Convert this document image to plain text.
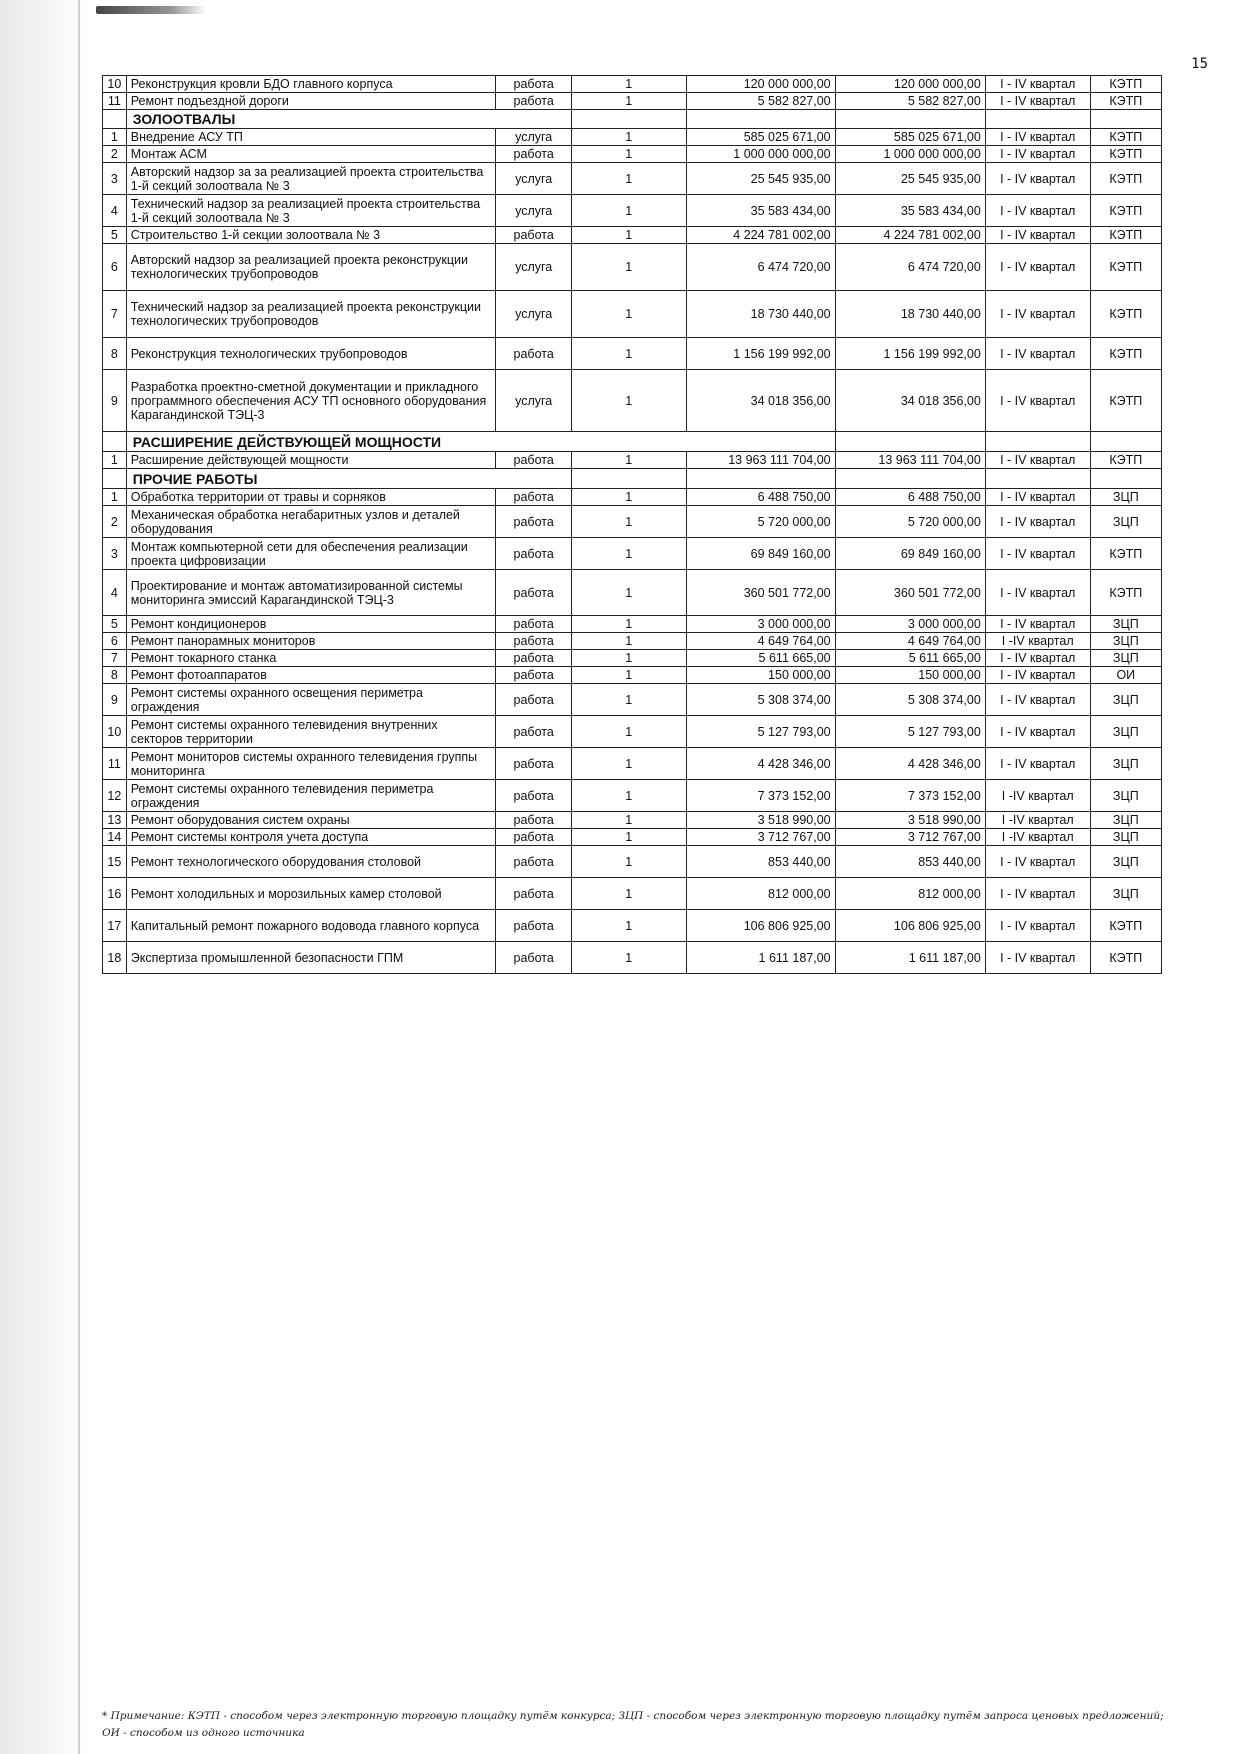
15
10	Реконструкция кровли БДО главного корпуса	работа	1	120 000 000,00	120 000 000,00	I - IV квартал	КЭТП
11	Ремонт подъездной дороги	работа	1	5 582 827,00	5 582 827,00	I - IV квартал	КЭТП
	ЗОЛООТВАЛЫ						
1	Внедрение АСУ ТП	услуга	1	585 025 671,00	585 025 671,00	I - IV квартал	КЭТП
2	Монтаж АСМ	работа	1	1 000 000 000,00	1 000 000 000,00	I - IV квартал	КЭТП
3	Авторский надзор за за реализацией проекта строительства 1-й секций золоотвала № 3	услуга	1	25 545 935,00	25 545 935,00	I - IV квартал	КЭТП
4	Технический надзор за реализацией проекта строительства 1-й секций золоотвала № 3	услуга	1	35 583 434,00	35 583 434,00	I - IV квартал	КЭТП
5	Строительство 1-й секции золоотвала № 3	работа	1	4 224 781 002,00	4 224 781 002,00	I - IV квартал	КЭТП
6	Авторский надзор за реализацией проекта реконструкции технологических трубопроводов	услуга	1	6 474 720,00	6 474 720,00	I - IV квартал	КЭТП
7	Технический надзор за реализацией проекта реконструкции технологических трубопроводов	услуга	1	18 730 440,00	18 730 440,00	I - IV квартал	КЭТП
8	Реконструкция технологических трубопроводов	работа	1	1 156 199 992,00	1 156 199 992,00	I - IV квартал	КЭТП
9	Разработка проектно-сметной документации и прикладного программного обеспечения АСУ ТП основного оборудования Карагандинской ТЭЦ-3	услуга	1	34 018 356,00	34 018 356,00	I - IV квартал	КЭТП
	РАСШИРЕНИЕ ДЕЙСТВУЮЩЕЙ МОЩНОСТИ						
1	Расширение действующей мощности	работа	1	13 963 111 704,00	13 963 111 704,00	I - IV квартал	КЭТП
	ПРОЧИЕ РАБОТЫ						
1	Обработка территории от травы и сорняков	работа	1	6 488 750,00	6 488 750,00	I - IV квартал	ЗЦП
2	Механическая обработка негабаритных узлов и деталей оборудования	работа	1	5 720 000,00	5 720 000,00	I - IV квартал	ЗЦП
3	Монтаж компьютерной сети для обеспечения реализации проекта цифровизации	работа	1	69 849 160,00	69 849 160,00	I - IV квартал	КЭТП
4	Проектирование и монтаж автоматизированной системы мониторинга эмиссий Карагандинской ТЭЦ-3	работа	1	360 501 772,00	360 501 772,00	I - IV квартал	КЭТП
5	Ремонт кондиционеров	работа	1	3 000 000,00	3 000 000,00	I - IV квартал	ЗЦП
6	Ремонт панорамных мониторов	работа	1	4 649 764,00	4 649 764,00	I -IV квартал	ЗЦП
7	Ремонт токарного станка	работа	1	5 611 665,00	5 611 665,00	I - IV квартал	ЗЦП
8	Ремонт фотоаппаратов	работа	1	150 000,00	150 000,00	I - IV квартал	ОИ
9	Ремонт системы охранного освещения периметра ограждения	работа	1	5 308 374,00	5 308 374,00	I - IV квартал	ЗЦП
10	Ремонт системы охранного телевидения внутренних секторов территории	работа	1	5 127 793,00	5 127 793,00	I - IV квартал	ЗЦП
11	Ремонт мониторов системы охранного телевидения группы мониторинга	работа	1	4 428 346,00	4 428 346,00	I - IV квартал	ЗЦП
12	Ремонт системы охранного телевидения периметра ограждения	работа	1	7 373 152,00	7 373 152,00	I -IV квартал	ЗЦП
13	Ремонт оборудования систем охраны	работа	1	3 518 990,00	3 518 990,00	I -IV квартал	ЗЦП
14	Ремонт системы контроля учета доступа	работа	1	3 712 767,00	3 712 767,00	I -IV квартал	ЗЦП
15	Ремонт технологического оборудования столовой	работа	1	853 440,00	853 440,00	I - IV квартал	ЗЦП
16	Ремонт холодильных и морозильных камер столовой	работа	1	812 000,00	812 000,00	I - IV квартал	ЗЦП
17	Капитальный ремонт пожарного водовода главного корпуса	работа	1	106 806 925,00	106 806 925,00	I - IV квартал	КЭТП
18	Экспертиза промышленной безопасности ГПМ	работа	1	1 611 187,00	1 611 187,00	I - IV квартал	КЭТП
* Примечание: КЭТП - способом через электронную торговую площадку путём конкурса; ЗЦП - способом через электронную торговую площадку путём запроса ценовых предложений; ОИ - способом из одного источника
